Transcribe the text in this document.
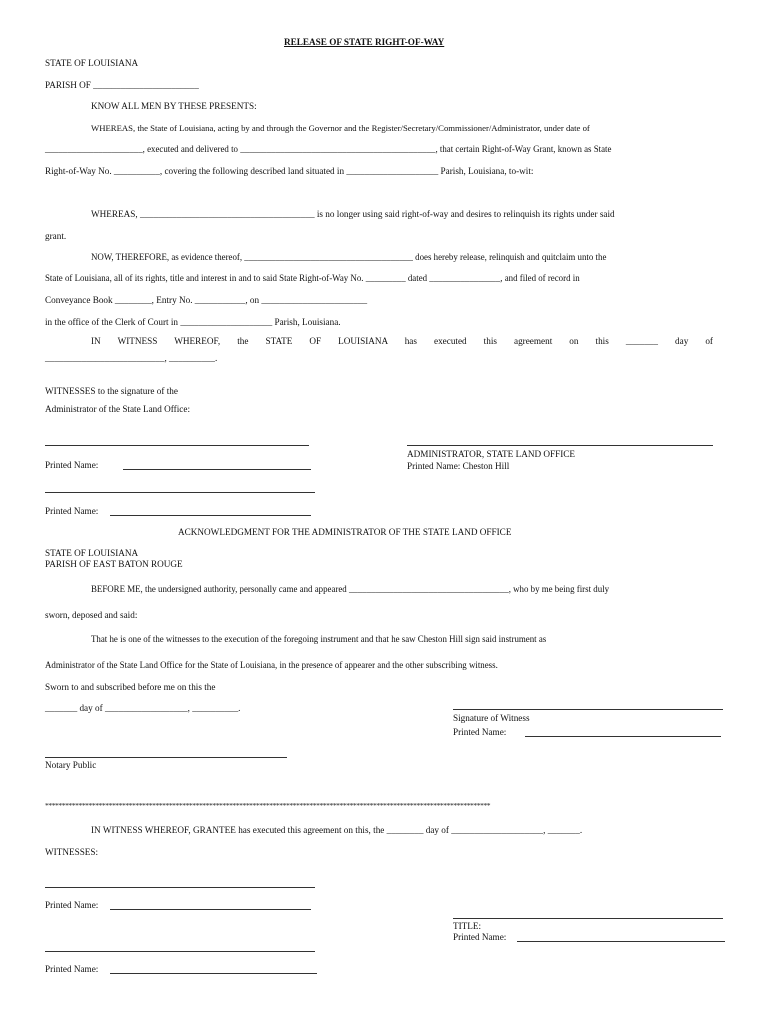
RELEASE OF STATE RIGHT-OF-WAY
STATE OF LOUISIANA
PARISH OF _______________________
KNOW ALL MEN BY THESE PRESENTS:
WHEREAS, the State of Louisiana, acting by and through the Governor and the Register/Secretary/Commissioner/Administrator, under date of
______________________, executed and delivered to ____________________________________________, that certain Right-of-Way Grant, known as State
Right-of-Way No. __________, covering the following described land situated in ____________________ Parish, Louisiana, to-wit:
WHEREAS, ______________________________________ is no longer using said right-of-way and desires to relinquish its rights under said
grant.
NOW, THEREFORE, as evidence thereof, ______________________________________ does hereby release, relinquish and quitclaim unto the
State of Louisiana, all of its rights, title and interest in and to said State Right-of-Way No. _________ dated ________________, and filed of record in
Conveyance Book ________, Entry No. ___________, on _______________________
in the office of the Clerk of Court in ____________________ Parish, Louisiana.
IN WITNESS WHEREOF, the STATE OF LOUISIANA has executed this agreement on this _______ day of
__________________________, __________.
WITNESSES to the signature of the
Administrator of the State Land Office:
Printed Name:
ADMINISTRATOR, STATE LAND OFFICE
Printed Name: Cheston Hill
Printed Name:
ACKNOWLEDGMENT FOR THE ADMINISTRATOR OF THE STATE LAND OFFICE
STATE OF LOUISIANA
PARISH OF EAST BATON ROUGE
BEFORE ME, the undersigned authority, personally came and appeared ____________________________________, who by me being first duly
sworn, deposed and said:
That he is one of the witnesses to the execution of the foregoing instrument and that he saw Cheston Hill sign said instrument as
Administrator of the State Land Office for the State of Louisiana, in the presence of appearer and the other subscribing witness.
Sworn to and subscribed before me on this the
_______ day of __________________, __________.
Signature of Witness
Printed Name:
Notary Public
*************************************************************************************************************************************
IN WITNESS WHEREOF, GRANTEE has executed this agreement on this, the ________ day of ____________________, _______.
WITNESSES:
Printed Name:
TITLE:
Printed Name:
Printed Name:
